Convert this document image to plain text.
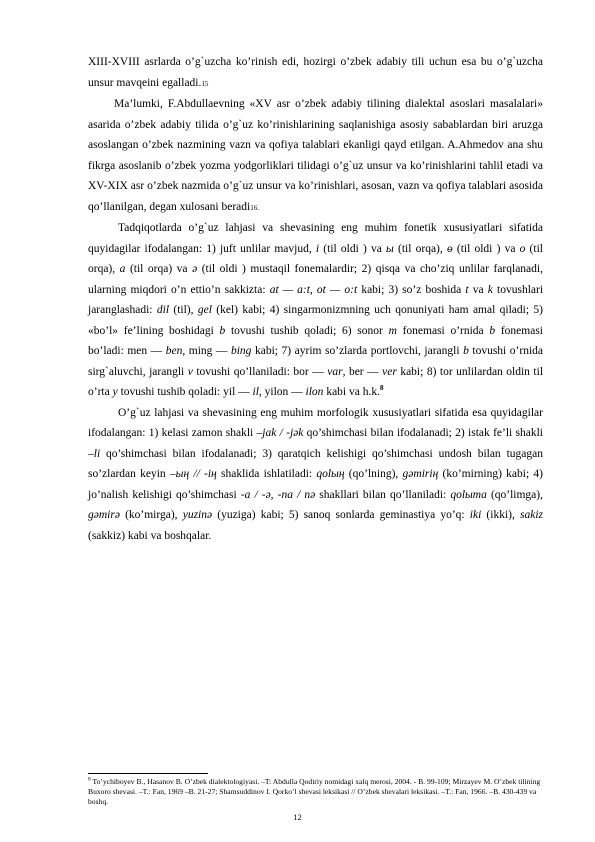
XIII-XVIII asrlarda o’g`uzcha ko’rinish edi, hozirgi o’zbek adabiy tili uchun esa bu o’g`uzcha unsur mavqeini egalladi.15

Ma’lumki, F.Abdullaevning «XV asr o’zbek adabiy tilining dialektal asoslari masalalari» asarida o’zbek adabiy tilida o’g`uz ko’rinishlarining saqlanishiga asosiy sabablardan biri aruzga asoslangan o’zbek nazmining vazn va qofiya talablari ekanligi qayd etilgan. A.Ahmedov ana shu fikrga asoslanib o’zbek yozma yodgorliklari tilidagi o’g`uz unsur va ko’rinishlarini tahlil etadi va XV-XIX asr o’zbek nazmida o’g`uz unsur va ko’rinishlari, asosan, vazn va qofiya talablari asosida qo’llanilgan, degan xulosani beradi16.

Tadqiqotlarda o’g`uz lahjasi va shevasining eng muhim fonetik xususiyatlari sifatida quyidagilar ifodalangan: 1) juft unlilar mavjud, i (til oldi ) va ы (til orqa), ө (til oldi ) va o (til orqa), a (til orqa) va ә (til oldi ) mustaqil fonemalardir; 2) qisqa va cho’ziq unlilar farqlanadi, ularning miqdori o’n ettio’n sakkizta: at — a:t, ot — o:t kabi; 3) so’z boshida t va k tovushlari jaranglashadi: dil (til), gel (kel) kabi; 4) singarmonizmning uch qonuniyati ham amal qiladi; 5) «bo’l» fe’lining boshidagi b tovushi tushib qoladi; 6) sonor m fonemasi o’rnida b fonemasi bo’ladi: men — ben, ming — bing kabi; 7) ayrim so’zlarda portlovchi, jarangli b tovushi o’rnida sirg`aluvchi, jarangli v tovushi qo’llaniladi: bor — var, ber — ver kabi; 8) tor unlilardan oldin til o’rta y tovushi tushib qoladi: yil — il, yilon — ilon kabi va h.k.$^8$

O’g`uz lahjasi va shevasining eng muhim morfologik xususiyatlari sifatida esa quyidagilar ifodalangan: 1) kelasi zamon shakli –jak / -jәk qo’shimchasi bilan ifodalanadi; 2) istak fe’li shakli –li qo’shimchasi bilan ifodalanadi; 3) qaratqich kelishigi qo’shimchasi undosh bilan tugagan so’zlardan keyin –ың // -iң shaklida ishlatiladi: qolың (qo’lning), gәmiriң (ko’mirning) kabi; 4) jo’nalish kelishigi qo’shimchasi -a / -ә, -na / nә shakllari bilan qo’llaniladi: qolыma (qo’limga), gәmirә (ko’mirga), yuzinә (yuziga) kabi; 5) sanoq sonlarda geminastiya yo’q: iki (ikki), sakiz (sakkiz) kabi va boshqalar.

$^8$ To’ychiboyev B., Hasanov B. O’zbek dialektologiyasi. –T: Abdulla Qodiriy nomidagi xalq merosi, 2004. - B. 99-109; Mirzayev M. O’zbek tilining Buxoro shevasi. –T.: Fan, 1969 –B. 21-27; Shamsuddinov I. Qorko’l shevasi leksikasi // O’zbek shevalari leksikasi. –T.: Fan, 1966. –B. 430-439 va boshq.

12
